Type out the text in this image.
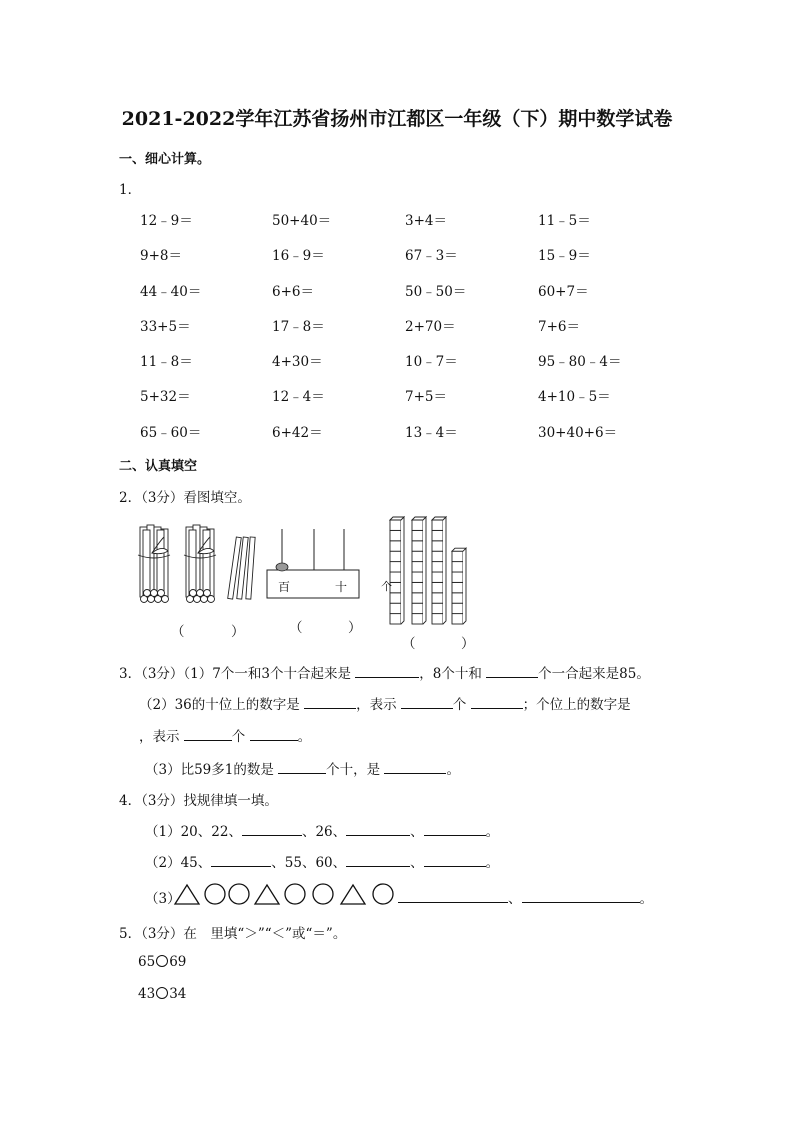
2021-2022学年江苏省扬州市江都区一年级（下）期中数学试卷
一、细心计算。
1．
12﹣9＝	50+40＝	3+4＝	11﹣5＝
9+8＝	16﹣9＝	67﹣3＝	15﹣9＝
44﹣40＝	6+6＝	50﹣50＝	60+7＝
33+5＝	17﹣8＝	2+70＝	7+6＝
11﹣8＝	4+30＝	10﹣7＝	95﹣80﹣4＝
5+32＝	12﹣4＝	7+5＝	4+10﹣5＝
65﹣60＝	6+42＝	13﹣4＝	30+40+6＝
二、认真填空
2．（3分）看图填空。
（	）
百	十
（	）
个
（	）
3．（3分）（1）7个一和3个十合起来是	，8个十和	个一合起来是85。
（2）36的十位上的数字是	，表示	个	；个位上的数字是
，表示	个	。
（3）比59多1的数是	个十，是	。
4．（3分）找规律填一填。
（1）20、22、	、26、	、	。
（2）45、	、55、60、	、	。
（3）	、	。
5．（3分）在　里填“＞”“＜”或“＝”。
65 69
43 34
